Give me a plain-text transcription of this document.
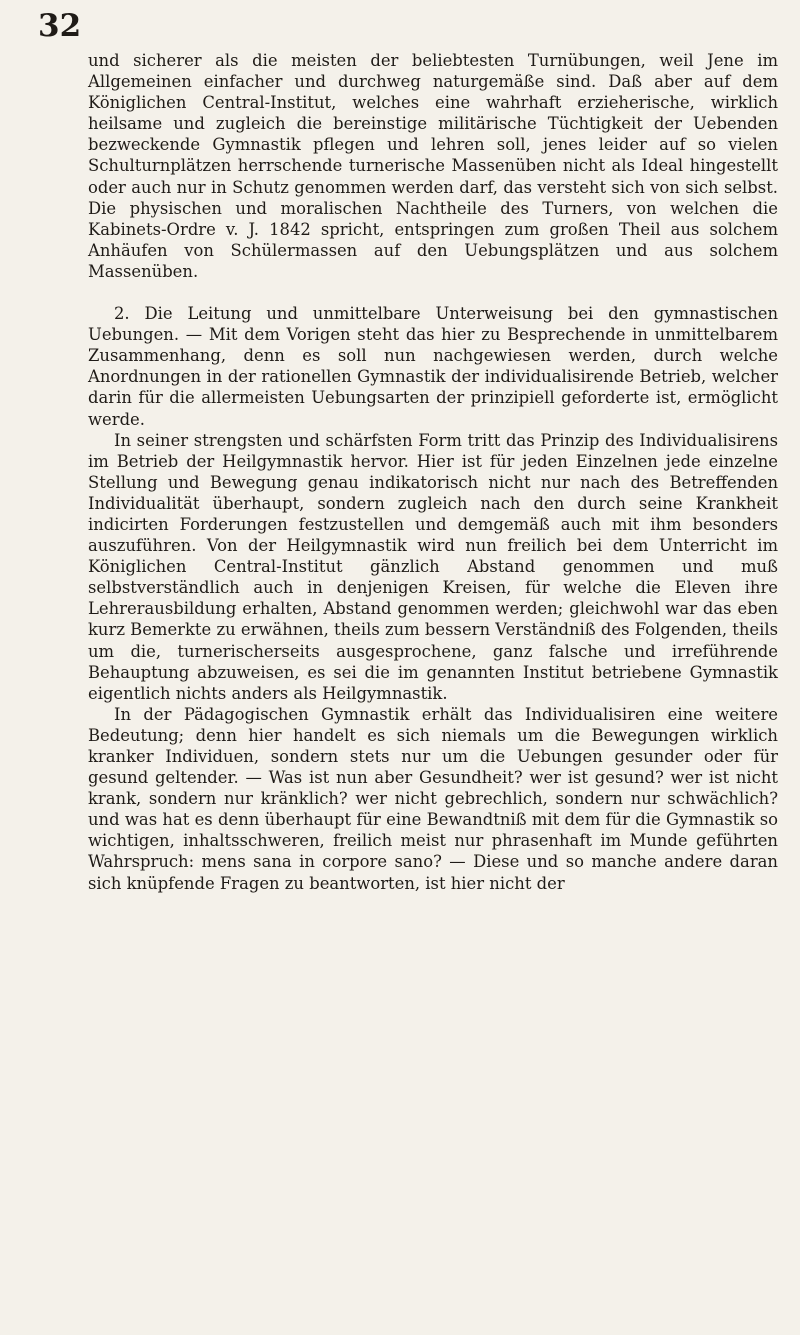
32

und sicherer als die meisten der beliebtesten Turnübungen, weil Jene im Allgemeinen einfacher und durchweg naturgemäße sind. Daß aber auf dem Königlichen Central-Institut, welches eine wahrhaft erzieherische, wirklich heilsame und zugleich die bereinstige militärische Tüchtigkeit der Uebenden bezweckende Gymnastik pflegen und lehren soll, jenes leider auf so vielen Schulturnplätzen herrschende turnerische Massenüben nicht als Ideal hingestellt oder auch nur in Schutz genommen werden darf, das versteht sich von sich selbst. Die physischen und moralischen Nachtheile des Turners, von welchen die Kabinets-Ordre v. J. 1842 spricht, entspringen zum großen Theil aus solchem Anhäufen von Schülermassen auf den Uebungsplätzen und aus solchem Massenüben.

2. Die Leitung und unmittelbare Unterweisung bei den gymnastischen Uebungen. — Mit dem Vorigen steht das hier zu Besprechende in unmittelbarem Zusammenhang, denn es soll nun nachgewiesen werden, durch welche Anordnungen in der rationellen Gymnastik der individualisirende Betrieb, welcher darin für die allermeisten Uebungsarten der prinzipiell geforderte ist, ermöglicht werde.

In seiner strengsten und schärfsten Form tritt das Prinzip des Individualisirens im Betrieb der Heilgymnastik hervor. Hier ist für jeden Einzelnen jede einzelne Stellung und Bewegung genau indikatorisch nicht nur nach des Betreffenden Individualität überhaupt, sondern zugleich nach den durch seine Krankheit indicirten Forderungen festzustellen und demgemäß auch mit ihm besonders auszuführen. Von der Heilgymnastik wird nun freilich bei dem Unterricht im Königlichen Central-Institut gänzlich Abstand genommen und muß selbstverständlich auch in denjenigen Kreisen, für welche die Eleven ihre Lehrerausbildung erhalten, Abstand genommen werden; gleichwohl war das eben kurz Bemerkte zu erwähnen, theils zum bessern Verständniß des Folgenden, theils um die, turnerischerseits ausgesprochene, ganz falsche und irreführende Behauptung abzuweisen, es sei die im genannten Institut betriebene Gymnastik eigentlich nichts anders als Heilgymnastik.

In der Pädagogischen Gymnastik erhält das Individualisiren eine weitere Bedeutung; denn hier handelt es sich niemals um die Bewegungen wirklich kranker Individuen, sondern stets nur um die Uebungen gesunder oder für gesund geltender. — Was ist nun aber Gesundheit? wer ist gesund? wer ist nicht krank, sondern nur kränklich? wer nicht gebrechlich, sondern nur schwächlich? und was hat es denn überhaupt für eine Bewandtniß mit dem für die Gymnastik so wichtigen, inhaltsschweren, freilich meist nur phrasenhaft im Munde geführten Wahrspruch: mens sana in corpore sano? — Diese und so manche andere daran sich knüpfende Fragen zu beantworten, ist hier nicht der
